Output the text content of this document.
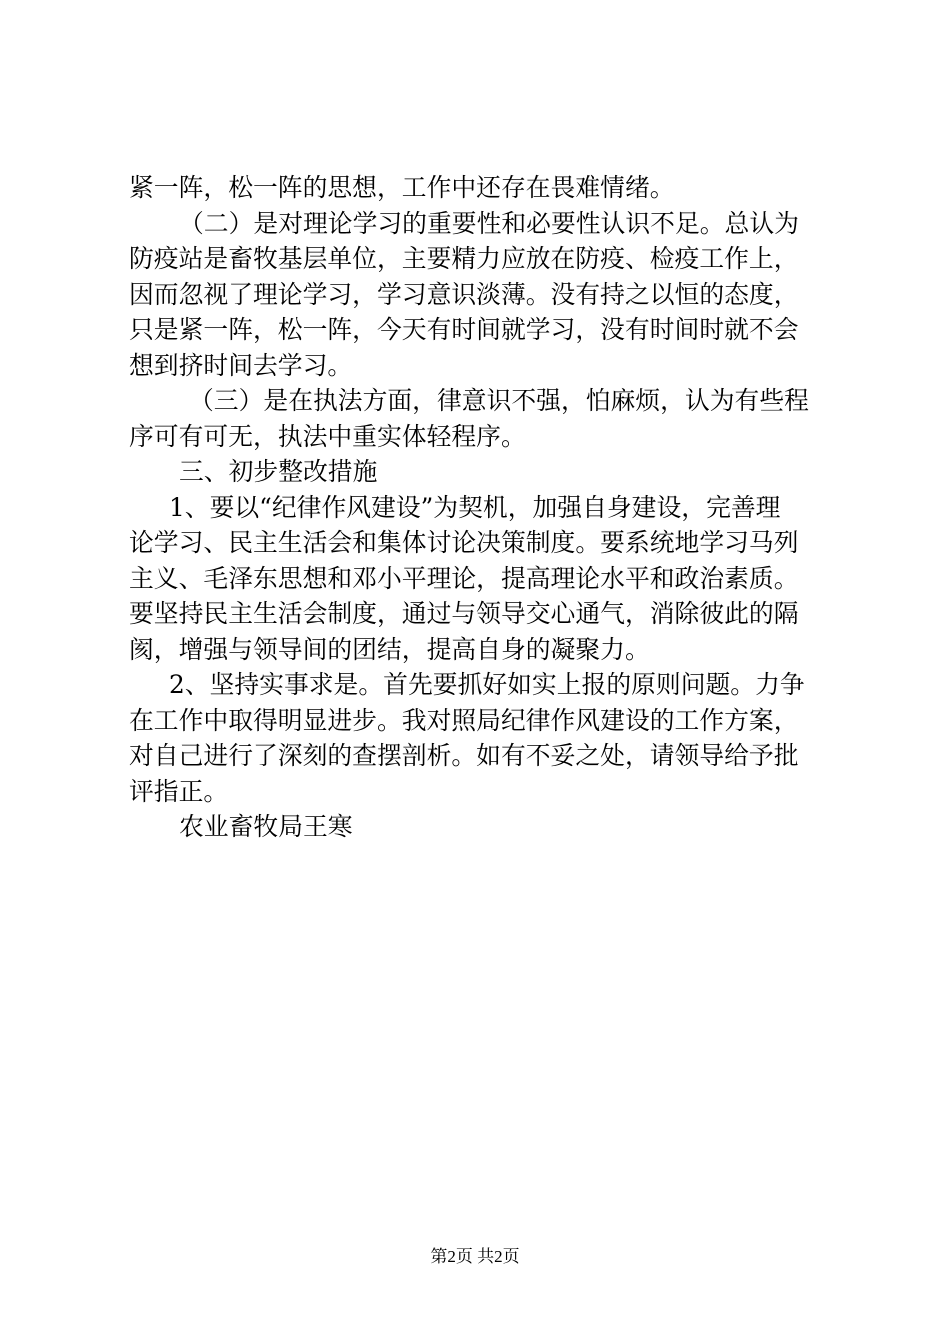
紧一阵，松一阵的思想，工作中还存在畏难情绪。
（二）是对理论学习的重要性和必要性认识不足。总认为
防疫站是畜牧基层单位，主要精力应放在防疫、检疫工作上，
因而忽视了理论学习，学习意识淡薄。没有持之以恒的态度，
只是紧一阵，松一阵，今天有时间就学习，没有时间时就不会
想到挤时间去学习。
（三）是在执法方面，律意识不强，怕麻烦，认为有些程
序可有可无，执法中重实体轻程序。
三、初步整改措施
1、要以“纪律作风建设”为契机，加强自身建设，完善理
论学习、民主生活会和集体讨论决策制度。要系统地学习马列
主义、毛泽东思想和邓小平理论，提高理论水平和政治素质。
要坚持民主生活会制度，通过与领导交心通气，消除彼此的隔
阂，增强与领导间的团结，提高自身的凝聚力。
2、坚持实事求是。首先要抓好如实上报的原则问题。力争
在工作中取得明显进步。我对照局纪律作风建设的工作方案，
对自己进行了深刻的查摆剖析。如有不妥之处，请领导给予批
评指正。
农业畜牧局王寒
第2页 共2页
